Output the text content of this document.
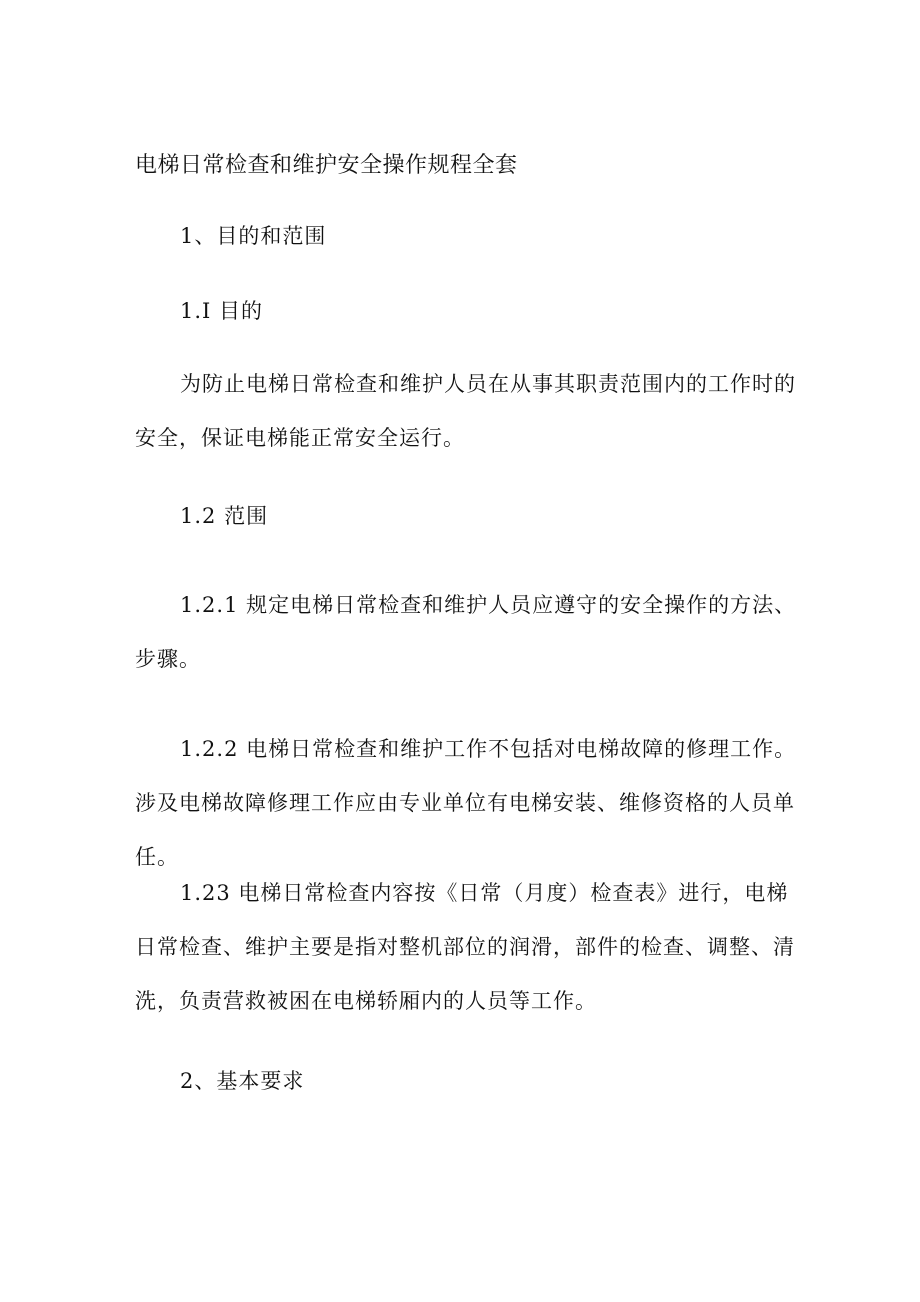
电梯日常检查和维护安全操作规程全套

1、目的和范围

1.I 目的

为防止电梯日常检查和维护人员在从事其职责范围内的工作时的安全，保证电梯能正常安全运行。

1.2 范围

1.2.1 规定电梯日常检查和维护人员应遵守的安全操作的方法、步骤。

1.2.2 电梯日常检查和维护工作不包括对电梯故障的修理工作。涉及电梯故障修理工作应由专业单位有电梯安装、维修资格的人员单任。

1.23 电梯日常检查内容按《日常（月度）检查表》进行，电梯日常检查、维护主要是指对整机部位的润滑，部件的检查、调整、清洗，负责营救被困在电梯轿厢内的人员等工作。

2、基本要求
